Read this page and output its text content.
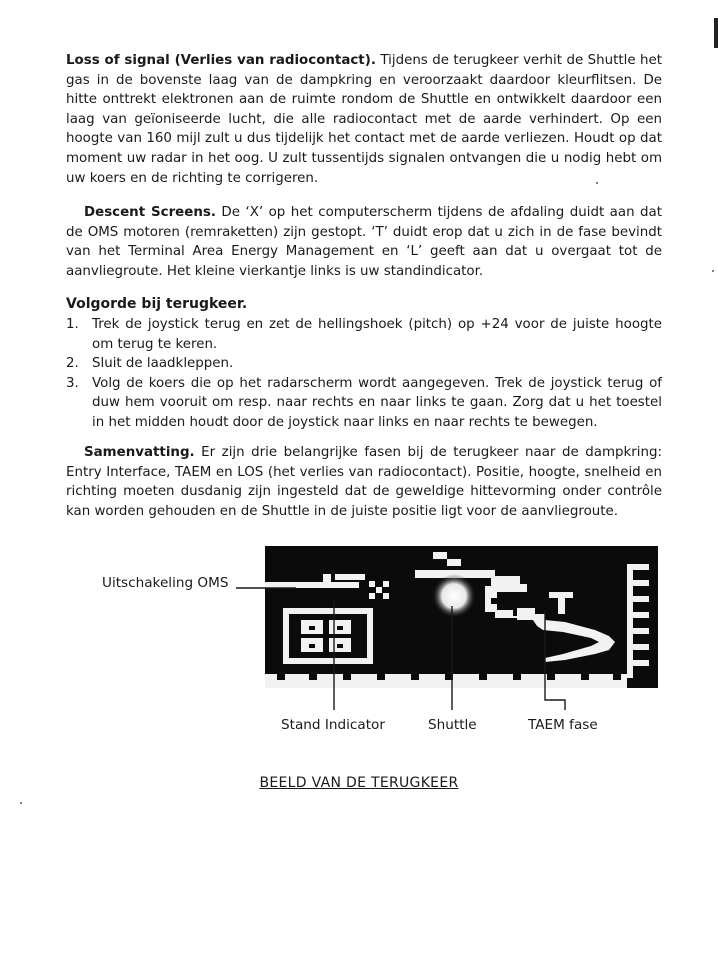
Loss of signal (Verlies van radiocontact). Tijdens de terugkeer verhit de Shuttle het gas in de bovenste laag van de dampkring en veroorzaakt daardoor kleurflitsen. De hitte onttrekt elektronen aan de ruimte rondom de Shuttle en ontwikkelt daardoor een laag van geïoniseerde lucht, die alle radiocontact met de aarde verhindert. Op een hoogte van 160 mijl zult u dus tijdelijk het contact met de aarde verliezen. Houdt op dat moment uw radar in het oog. U zult tussentijds signalen ontvangen die u nodig hebt om uw koers en de richting te corrigeren.

Descent Screens. De ‘X’ op het computerscherm tijdens de afdaling duidt aan dat de OMS motoren (remraketten) zijn gestopt. ‘T’ duidt erop dat u zich in de fase bevindt van het Terminal Area Energy Management en ‘L’ geeft aan dat u overgaat tot de aanvliegroute. Het kleine vierkantje links is uw standindicator.

Volgorde bij terugkeer.

1. Trek de joystick terug en zet de hellingshoek (pitch) op +24 voor de juiste hoogte om terug te keren.
2. Sluit de laadkleppen.
3. Volg de koers die op het radarscherm wordt aangegeven. Trek de joystick terug of duw hem vooruit om resp. naar rechts en naar links te gaan. Zorg dat u het toestel in het midden houdt door de joystick naar links en naar rechts te bewegen.

Samenvatting. Er zijn drie belangrijke fasen bij de terugkeer naar de dampkring: Entry Interface, TAEM en LOS (het verlies van radiocontact). Positie, hoogte, snelheid en richting moeten dusdanig zijn ingesteld dat de geweldige hittevorming onder contrôle kan worden gehouden en de Shuttle in de juiste positie ligt voor de aanvliegroute.

Uitschakeling OMS
Stand Indicator	Shuttle	TAEM fase
BEELD VAN DE TERUGKEER
